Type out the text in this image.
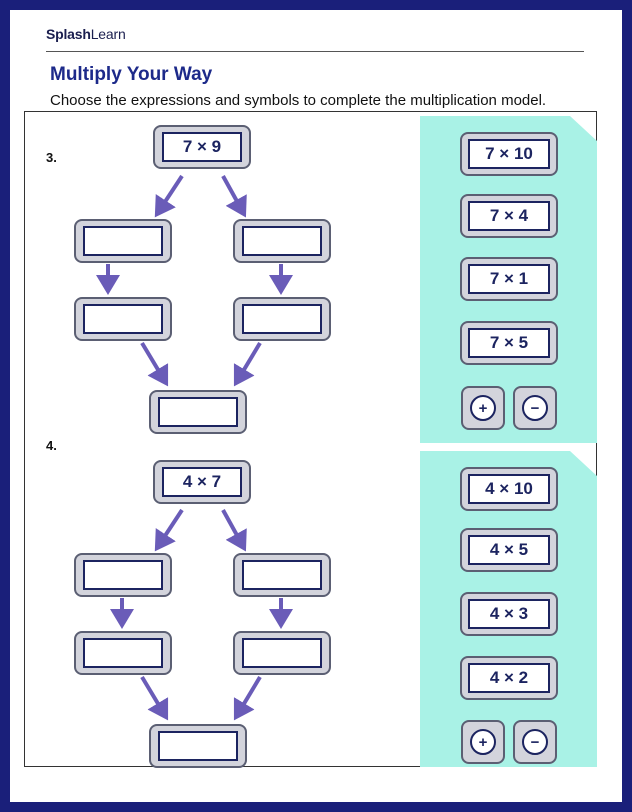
SplashLearn
Multiply Your Way
Choose the expressions and symbols to complete the multiplication model.
3.
7 × 9	7 × 10
7 × 4
7 × 1
7 × 5
+	−
4.
4 × 7	4 × 10
4 × 5
4 × 3
4 × 2
+	−
